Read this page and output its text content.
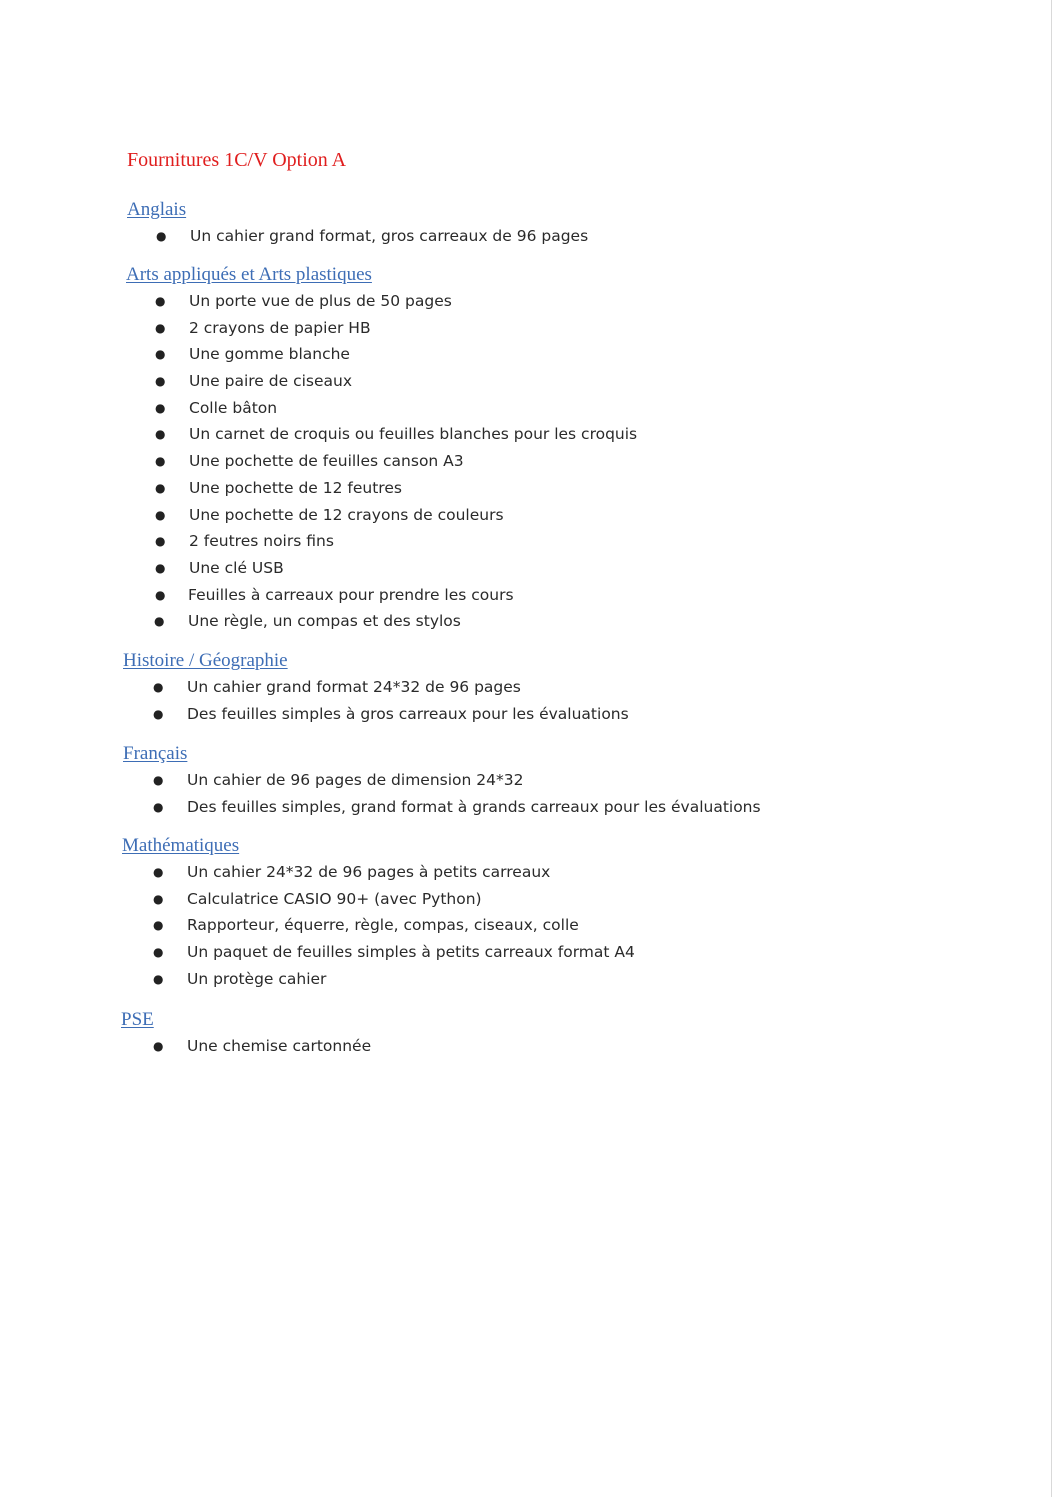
Fournitures 1C/V Option A
Anglais
● Un cahier grand format, gros carreaux de 96 pages
Arts appliqués et Arts plastiques
● Un porte vue de plus de 50 pages
● 2 crayons de papier HB
● Une gomme blanche
● Une paire de ciseaux
● Colle bâton
● Un carnet de croquis ou feuilles blanches pour les croquis
● Une pochette de feuilles canson A3
● Une pochette de 12 feutres
● Une pochette de 12 crayons de couleurs
● 2 feutres noirs fins
● Une clé USB
● Feuilles à carreaux pour prendre les cours
● Une règle, un compas et des stylos
Histoire / Géographie
● Un cahier grand format 24*32 de 96 pages
● Des feuilles simples à gros carreaux pour les évaluations
Français
● Un cahier de 96 pages de dimension 24*32
● Des feuilles simples, grand format à grands carreaux pour les évaluations
Mathématiques
● Un cahier 24*32 de 96 pages à petits carreaux
● Calculatrice CASIO 90+ (avec Python)
● Rapporteur, équerre, règle, compas, ciseaux, colle
● Un paquet de feuilles simples à petits carreaux format A4
● Un protège cahier
PSE
● Une chemise cartonnée
